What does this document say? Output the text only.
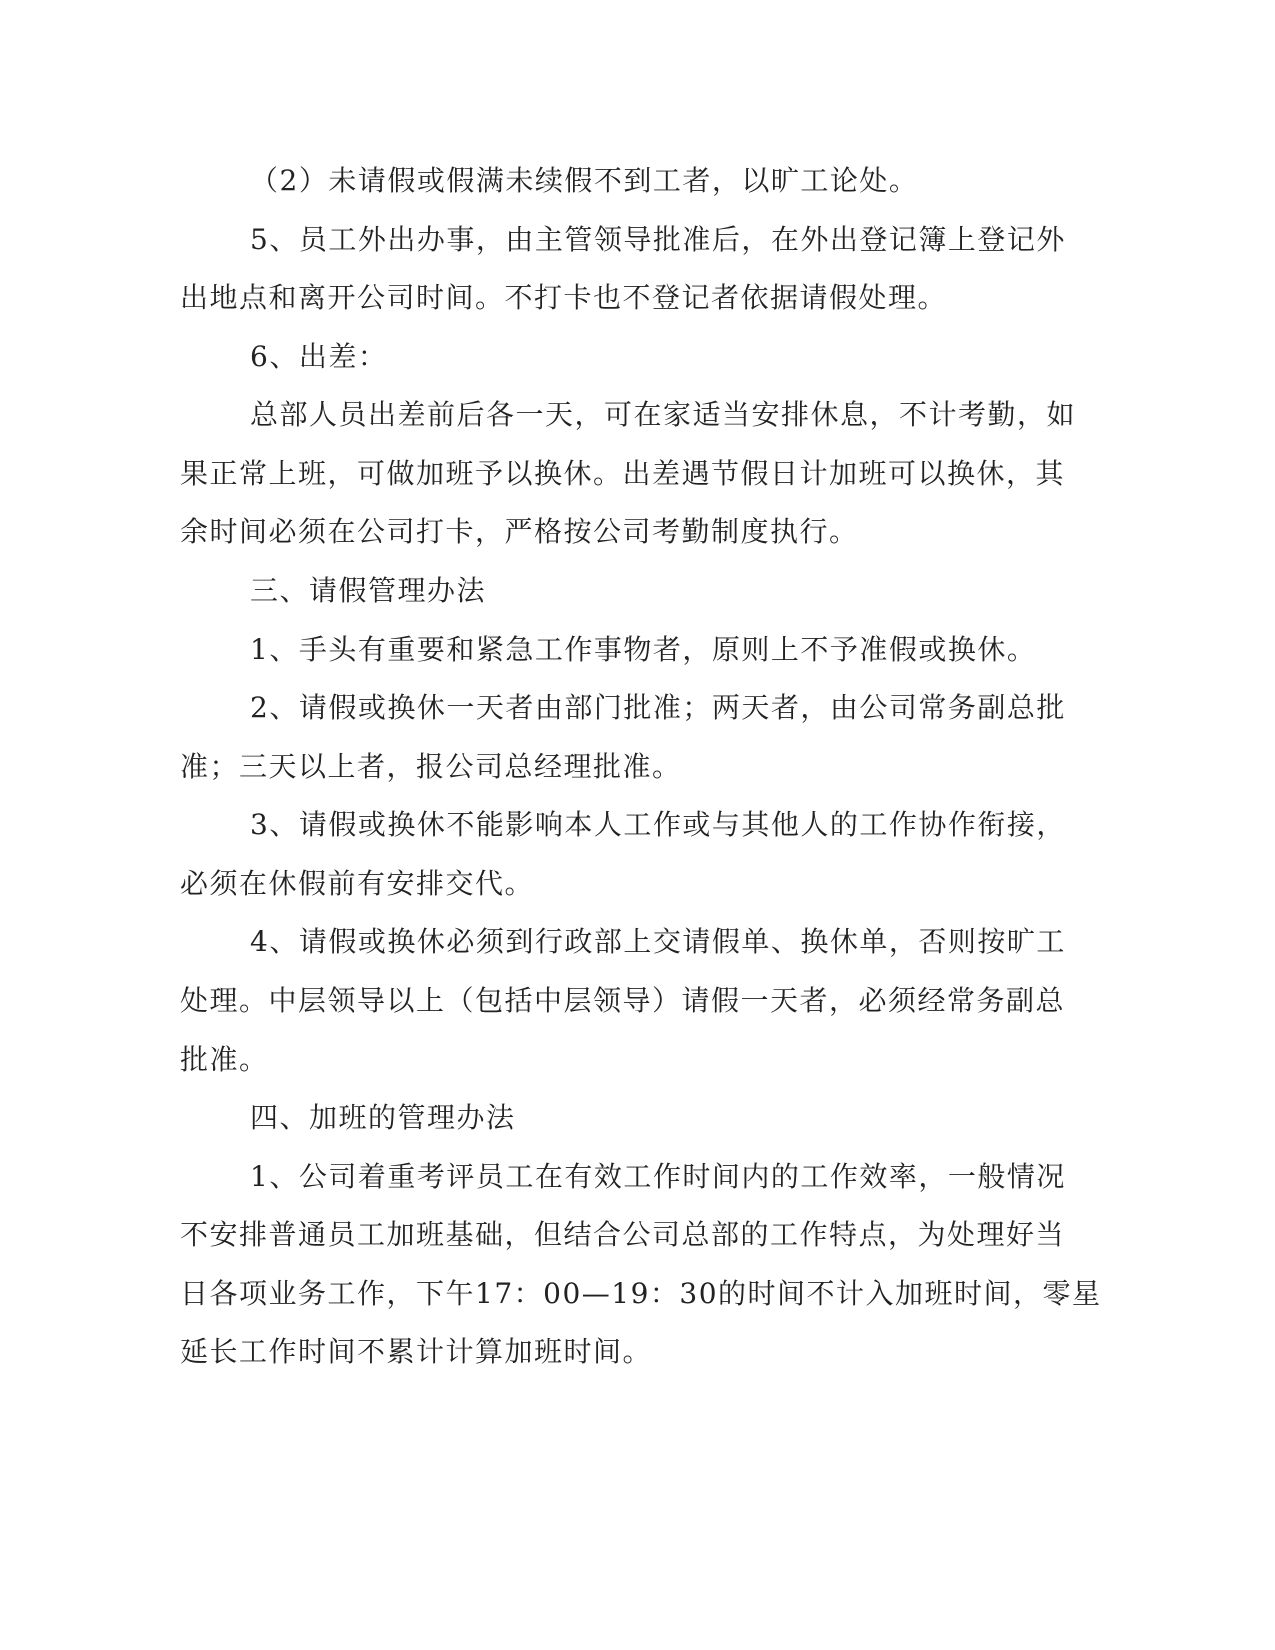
（2）未请假或假满未续假不到工者，以旷工论处。
5、员工外出办事，由主管领导批准后，在外出登记簿上登记外
出地点和离开公司时间。不打卡也不登记者依据请假处理。
6、出差：
总部人员出差前后各一天，可在家适当安排休息，不计考勤，如
果正常上班，可做加班予以换休。出差遇节假日计加班可以换休，其
余时间必须在公司打卡，严格按公司考勤制度执行。
三、请假管理办法
1、手头有重要和紧急工作事物者，原则上不予准假或换休。
2、请假或换休一天者由部门批准；两天者，由公司常务副总批
准；三天以上者，报公司总经理批准。
3、请假或换休不能影响本人工作或与其他人的工作协作衔接，
必须在休假前有安排交代。
4、请假或换休必须到行政部上交请假单、换休单，否则按旷工
处理。中层领导以上（包括中层领导）请假一天者，必须经常务副总
批准。
四、加班的管理办法
1、公司着重考评员工在有效工作时间内的工作效率，一般情况
不安排普通员工加班基础，但结合公司总部的工作特点，为处理好当
日各项业务工作，下午17：00—19：30的时间不计入加班时间，零星
延长工作时间不累计计算加班时间。
